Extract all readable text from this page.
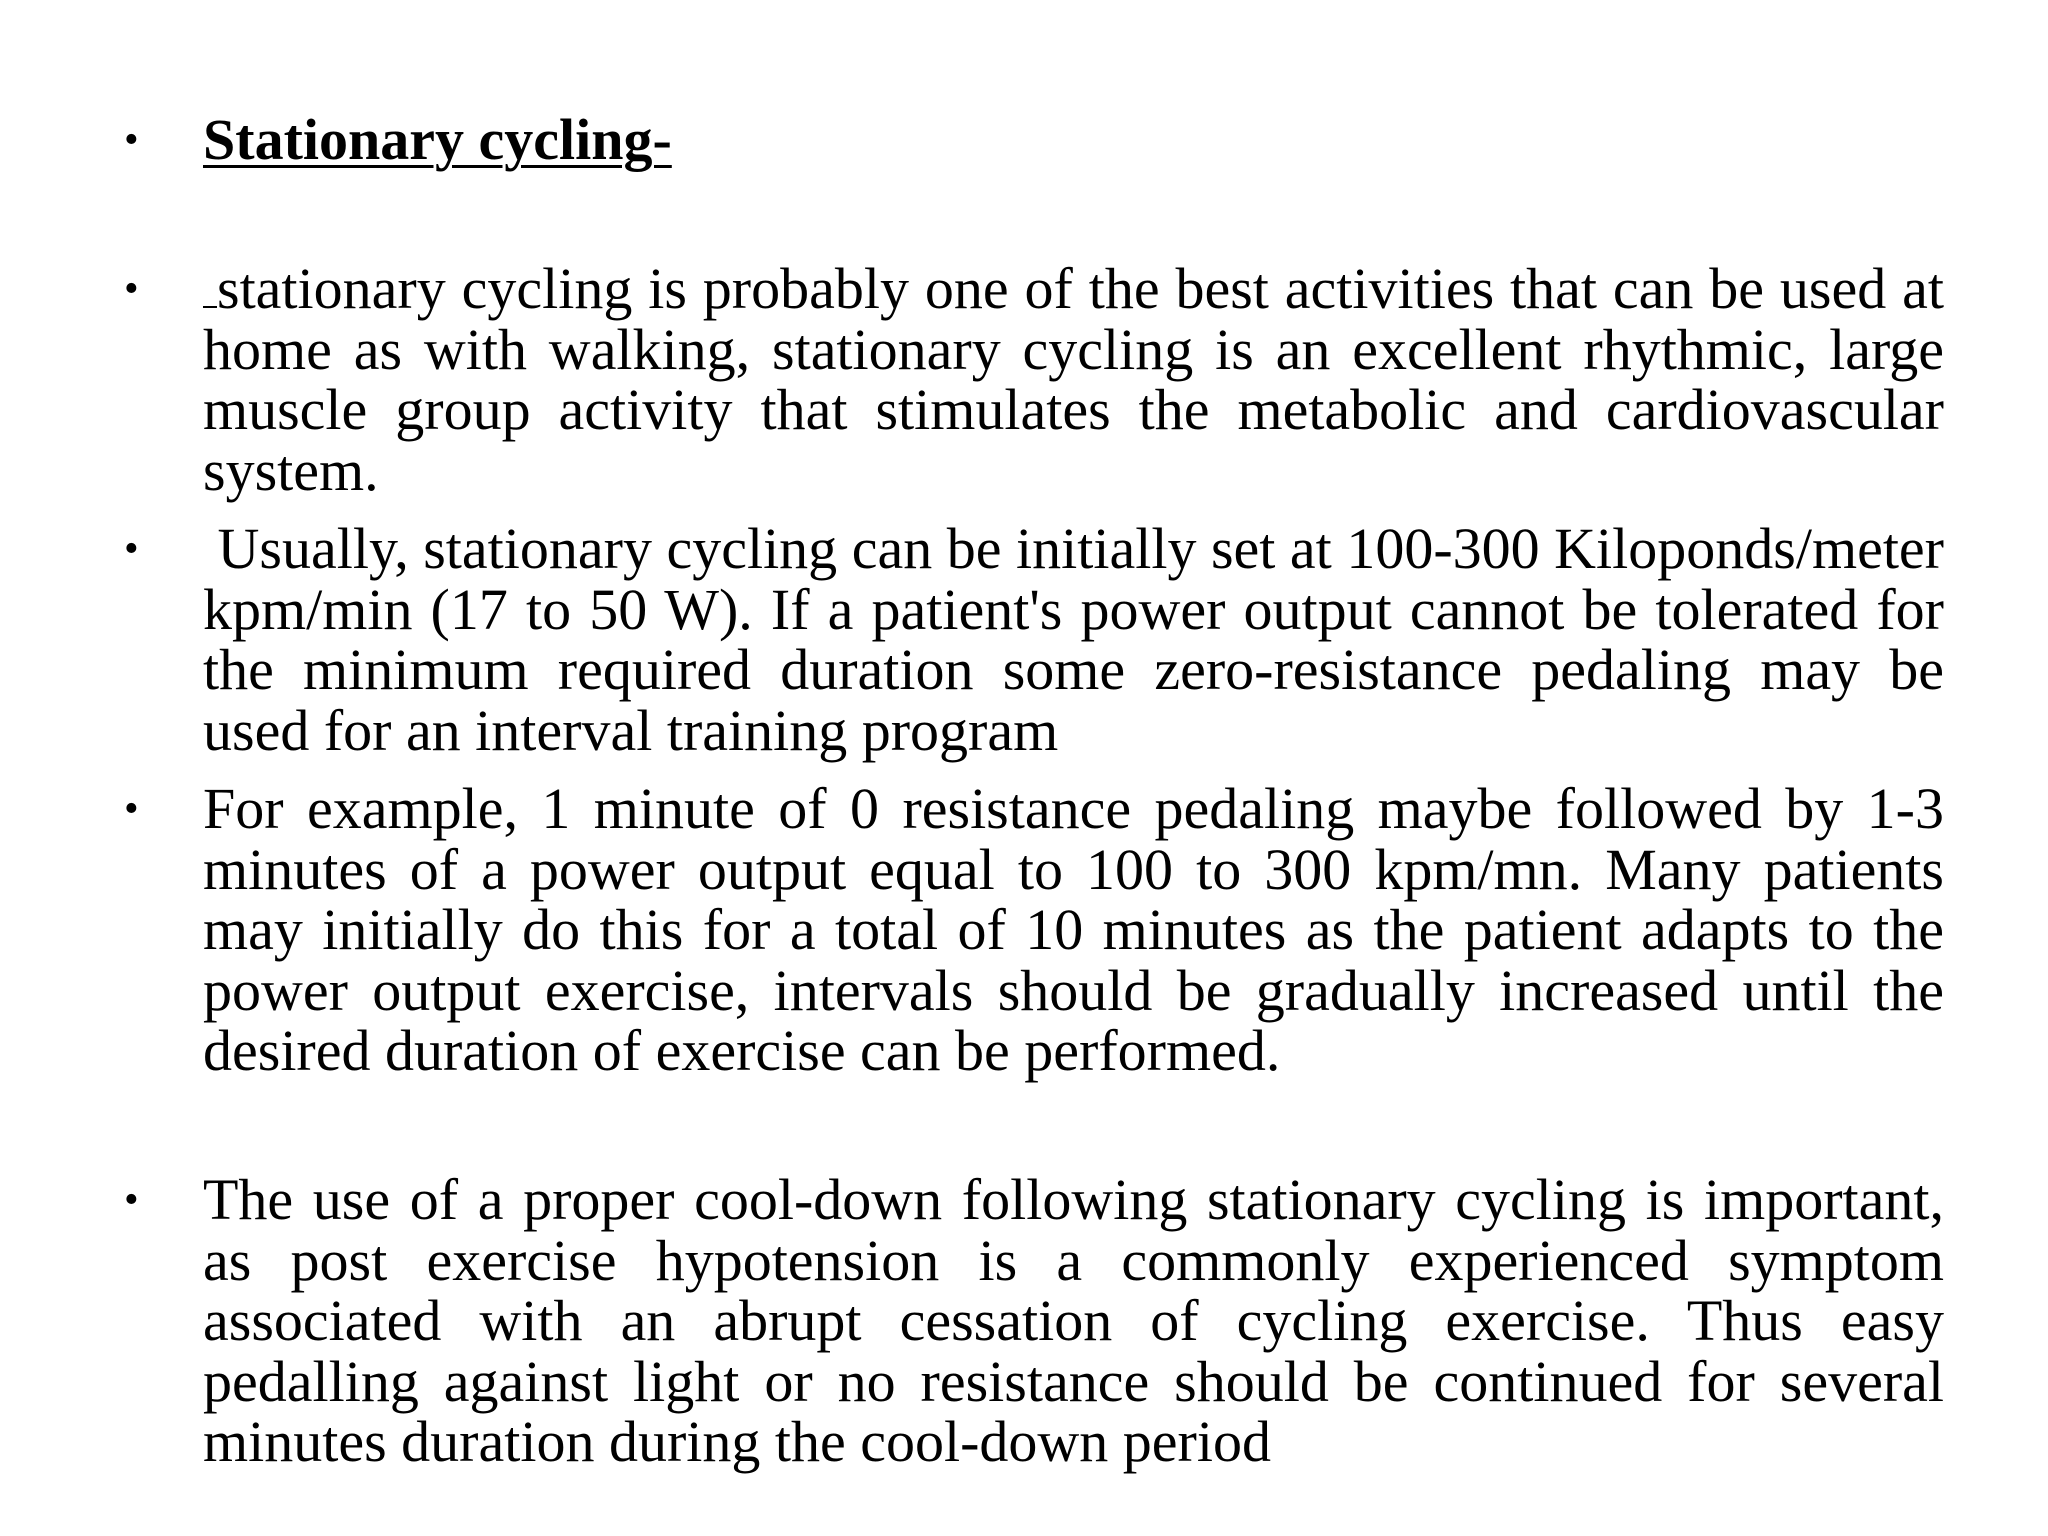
• Stationary cycling-
• stationary cycling is probably one of the best activities that can be used at home as with walking, stationary cycling is an excellent rhythmic, large muscle group activity that stimulates the metabolic and cardiovascular system.
• Usually, stationary cycling can be initially set at 100-300 Kiloponds/meter kpm/min (17 to 50 W). If a patient's power output cannot be tolerated for the minimum required duration some zero-resistance pedaling may be used for an interval training program
• For example, 1 minute of 0 resistance pedaling maybe followed by 1-3 minutes of a power output equal to 100 to 300 kpm/mn. Many patients may initially do this for a total of 10 minutes as the patient adapts to the power output exercise, intervals should be gradually increased until the desired duration of exercise can be performed.
• The use of a proper cool-down following stationary cycling is important, as post exercise hypotension is a commonly experienced symptom associated with an abrupt cessation of cycling exercise. Thus easy pedalling against light or no resistance should be continued for several minutes duration during the cool-down period
